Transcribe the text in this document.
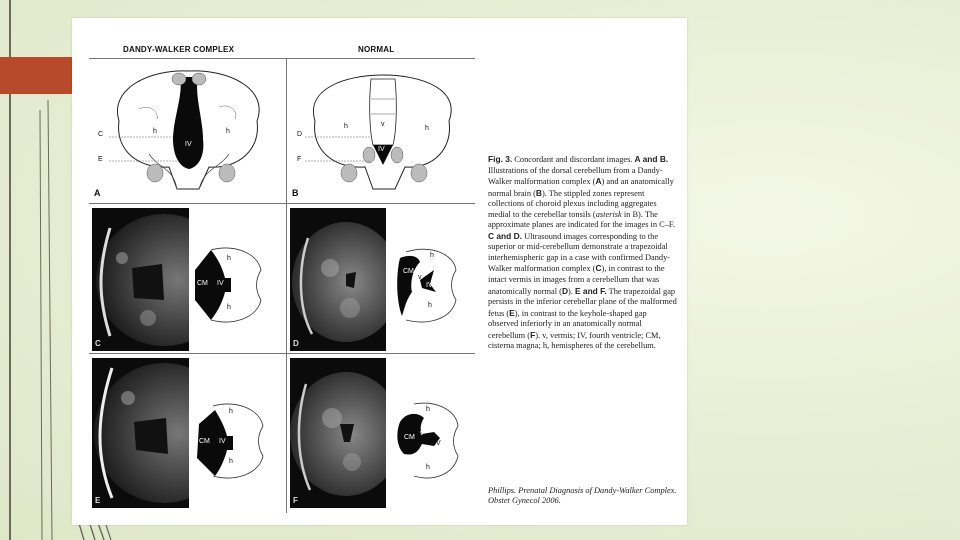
DANDY-WALKER COMPLEX	NORMAL
C
E
h	h
IV
A
D
F
h	h
v
IV
B
C
h
h
CM IV
D
h
h
CM
v
IV
E
h
h
CM IV
F
h
h
CM
v
IV
Fig. 3. Concordant and discordant images. A and B. Illustrations of the dorsal cerebellum from a Dandy-Walker malformation complex (A) and an anatomically normal brain (B). The stippled zones represent collections of choroid plexus including aggregates medial to the cerebellar tonsils (asterisk in B). The approximate planes are indicated for the images in C–F. C and D. Ultrasound images corresponding to the superior or mid-cerebellum demonstrate a trapezoidal interhemispheric gap in a case with confirmed Dandy-Walker malformation complex (C), in contrast to the intact vermis in images from a cerebellum that was anatomically normal (D). E and F. The trapezoidal gap persists in the inferior cerebellar plane of the malformed fetus (E), in contrast to the keyhole-shaped gap observed inferiorly in an anatomically normal cerebellum (F). v, vermis; IV, fourth ventricle; CM, cisterna magna; h, hemispheres of the cerebellum.
Phillips. Prenatal Diagnosis of Dandy-Walker Complex. Obstet Gynecol 2006.
